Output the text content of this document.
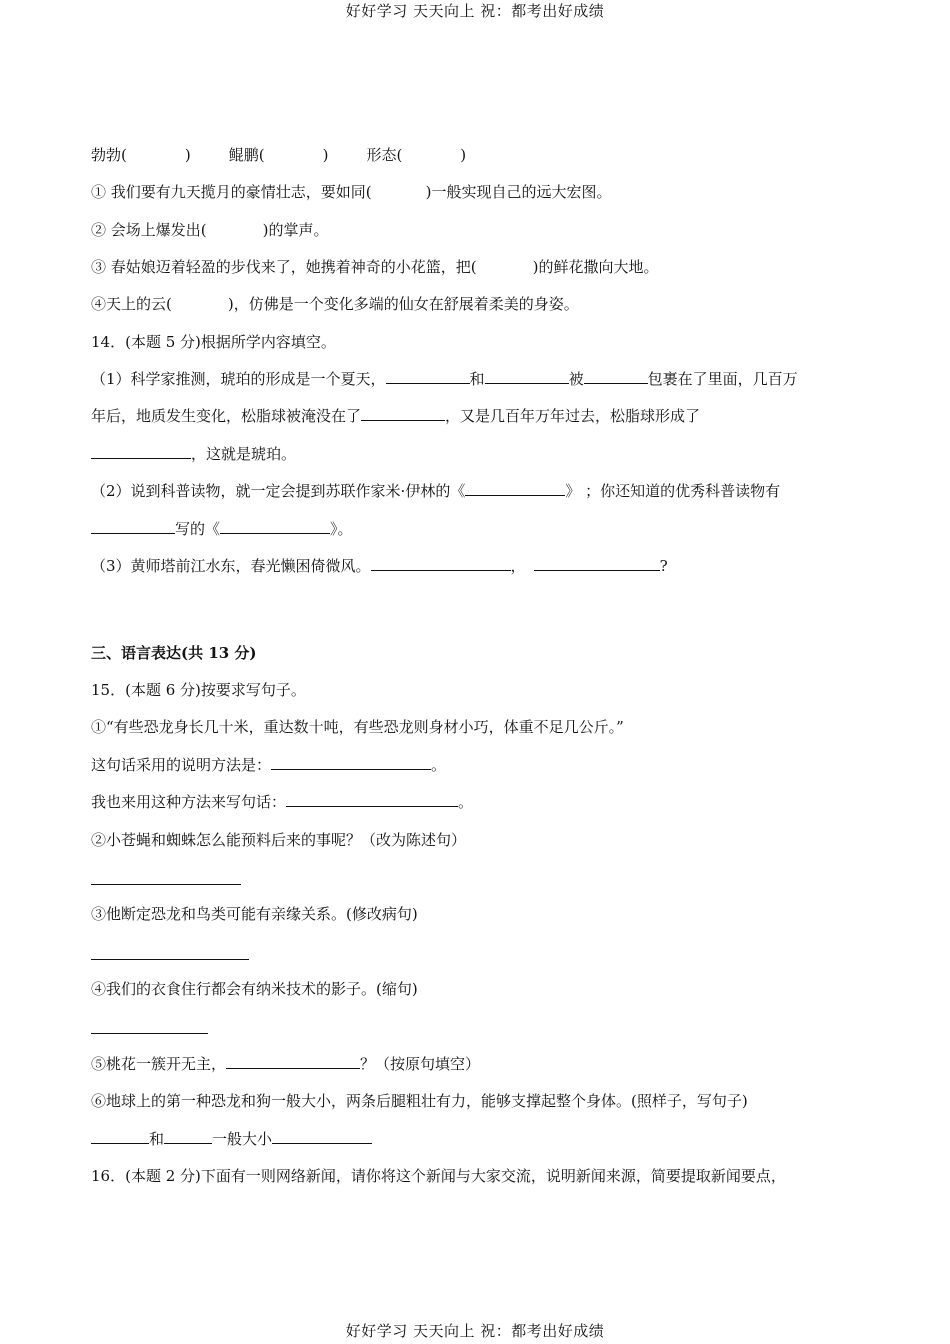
好好学习 天天向上 祝：都考出好成绩
勃勃(	)	鲲鹏(	)	形态(	)
① 我们要有九天揽月的豪情壮志，要如同(	)一般实现自己的远大宏图。
② 会场上爆发出(	)的掌声。
③ 春姑娘迈着轻盈的步伐来了，她携着神奇的小花篮，把(	)的鲜花撒向大地。
④天上的云(	)，仿佛是一个变化多端的仙女在舒展着柔美的身姿。
14．(本题 5 分)根据所学内容填空。
（1）科学家推测，琥珀的形成是一个夏天，	和	被	包裹在了里面，几百万
年后，地质发生变化，松脂球被淹没在了	，又是几百年万年过去，松脂球形成了
，这就是琥珀。
（2）说到科普读物，就一定会提到苏联作家米·伊林的《	》 ；你还知道的优秀科普读物有
写的《	》。
（3）黄师塔前江水东，春光懒困倚微风。	，	?
三、语言表达(共 13 分)
15．(本题 6 分)按要求写句子。
①“有些恐龙身长几十米，重达数十吨，有些恐龙则身材小巧，体重不足几公斤。”
这句话采用的说明方法是：	。
我也来用这种方法来写句话：	。
②小苍蝇和蜘蛛怎么能预料后来的事呢？（改为陈述句）
③他断定恐龙和鸟类可能有亲缘关系。(修改病句)
④我们的衣食住行都会有纳米技术的影子。(缩句)
⑤桃花一簇开无主，	？（按原句填空）
⑥地球上的第一种恐龙和狗一般大小，两条后腿粗壮有力，能够支撑起整个身体。(照样子，写句子)
和	一般大小
16．(本题 2 分)下面有一则网络新闻，请你将这个新闻与大家交流，说明新闻来源，简要提取新闻要点，
好好学习 天天向上 祝：都考出好成绩
